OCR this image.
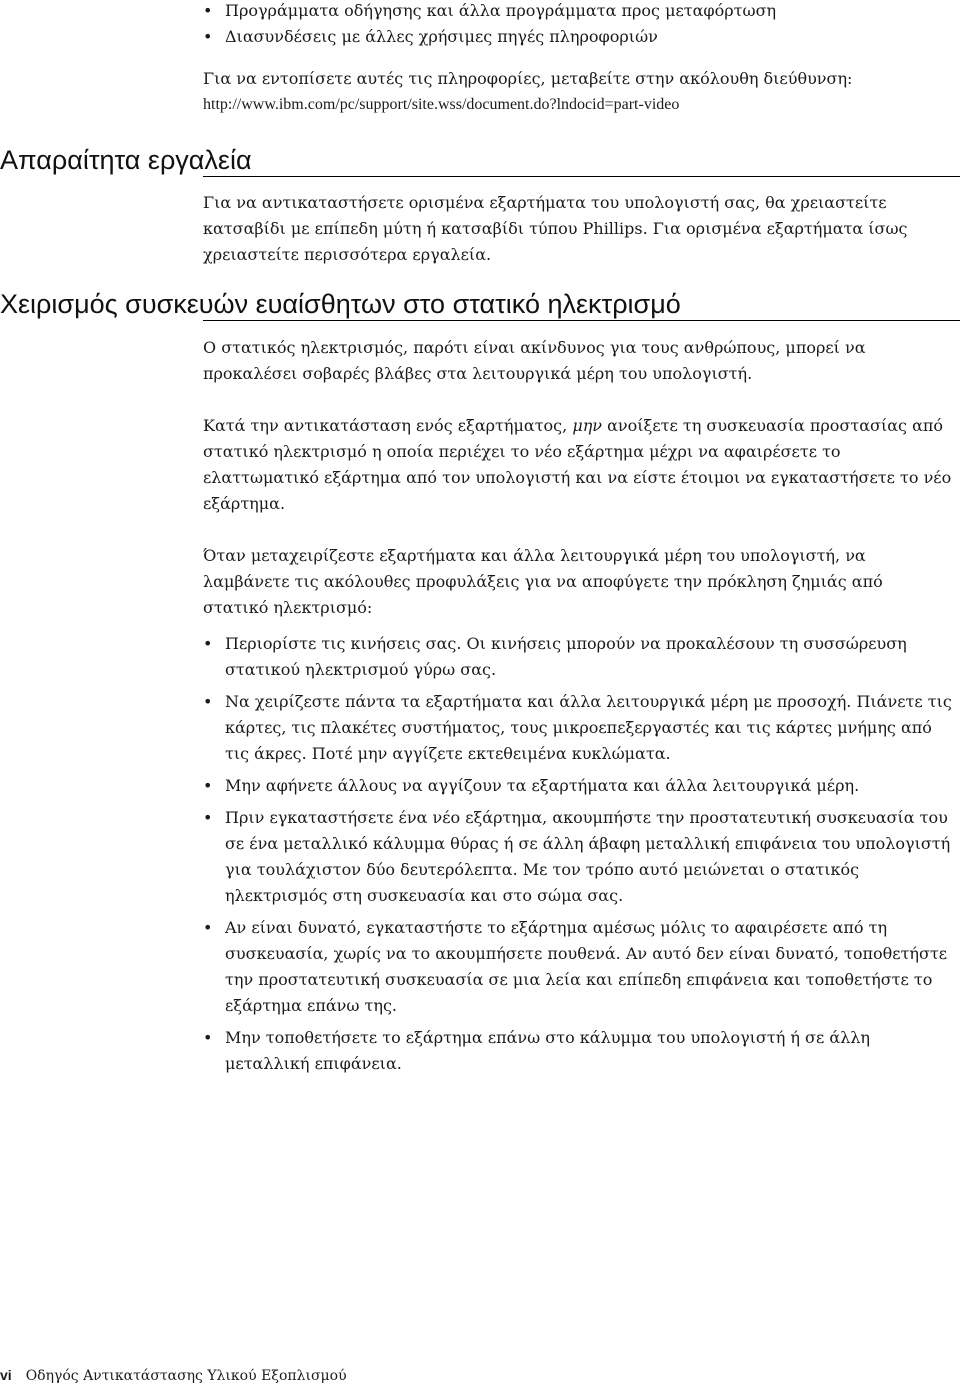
• Προγράμματα οδήγησης και άλλα προγράμματα προς μεταφόρτωση
• Διασυνδέσεις με άλλες χρήσιμες πηγές πληροφοριών

Για να εντοπίσετε αυτές τις πληροφορίες, μεταβείτε στην ακόλουθη διεύθυνση:

http://www.ibm.com/pc/support/site.wss/document.do?lndocid=part-video

Απαραίτητα εργαλεία

Για να αντικαταστήσετε ορισμένα εξαρτήματα του υπολογιστή σας, θα χρειαστείτε κατσαβίδι με επίπεδη μύτη ή κατσαβίδι τύπου Phillips. Για ορισμένα εξαρτήματα ίσως χρειαστείτε περισσότερα εργαλεία.

Χειρισμός συσκευών ευαίσθητων στο στατικό ηλεκτρισμό

Ο στατικός ηλεκτρισμός, παρότι είναι ακίνδυνος για τους ανθρώπους, μπορεί να προκαλέσει σοβαρές βλάβες στα λειτουργικά μέρη του υπολογιστή.

Κατά την αντικατάσταση ενός εξαρτήματος, μην ανοίξετε τη συσκευασία προστασίας από στατικό ηλεκτρισμό η οποία περιέχει το νέο εξάρτημα μέχρι να αφαιρέσετε το ελαττωματικό εξάρτημα από τον υπολογιστή και να είστε έτοιμοι να εγκαταστήσετε το νέο εξάρτημα.

Όταν μεταχειρίζεστε εξαρτήματα και άλλα λειτουργικά μέρη του υπολογιστή, να λαμβάνετε τις ακόλουθες προφυλάξεις για να αποφύγετε την πρόκληση ζημιάς από στατικό ηλεκτρισμό:

• Περιορίστε τις κινήσεις σας. Οι κινήσεις μπορούν να προκαλέσουν τη συσσώρευση στατικού ηλεκτρισμού γύρω σας.
• Να χειρίζεστε πάντα τα εξαρτήματα και άλλα λειτουργικά μέρη με προσοχή. Πιάνετε τις κάρτες, τις πλακέτες συστήματος, τους μικροεπεξεργαστές και τις κάρτες μνήμης από τις άκρες. Ποτέ μην αγγίζετε εκτεθειμένα κυκλώματα.
• Μην αφήνετε άλλους να αγγίζουν τα εξαρτήματα και άλλα λειτουργικά μέρη.
• Πριν εγκαταστήσετε ένα νέο εξάρτημα, ακουμπήστε την προστατευτική συσκευασία του σε ένα μεταλλικό κάλυμμα θύρας ή σε άλλη άβαφη μεταλλική επιφάνεια του υπολογιστή για τουλάχιστον δύο δευτερόλεπτα. Με τον τρόπο αυτό μειώνεται ο στατικός ηλεκτρισμός στη συσκευασία και στο σώμα σας.
• Αν είναι δυνατό, εγκαταστήστε το εξάρτημα αμέσως μόλις το αφαιρέσετε από τη συσκευασία, χωρίς να το ακουμπήσετε πουθενά. Αν αυτό δεν είναι δυνατό, τοποθετήστε την προστατευτική συσκευασία σε μια λεία και επίπεδη επιφάνεια και τοποθετήστε το εξάρτημα επάνω της.
• Μην τοποθετήσετε το εξάρτημα επάνω στο κάλυμμα του υπολογιστή ή σε άλλη μεταλλική επιφάνεια.
vi Οδηγός Αντικατάστασης Υλικού Εξοπλισμού
